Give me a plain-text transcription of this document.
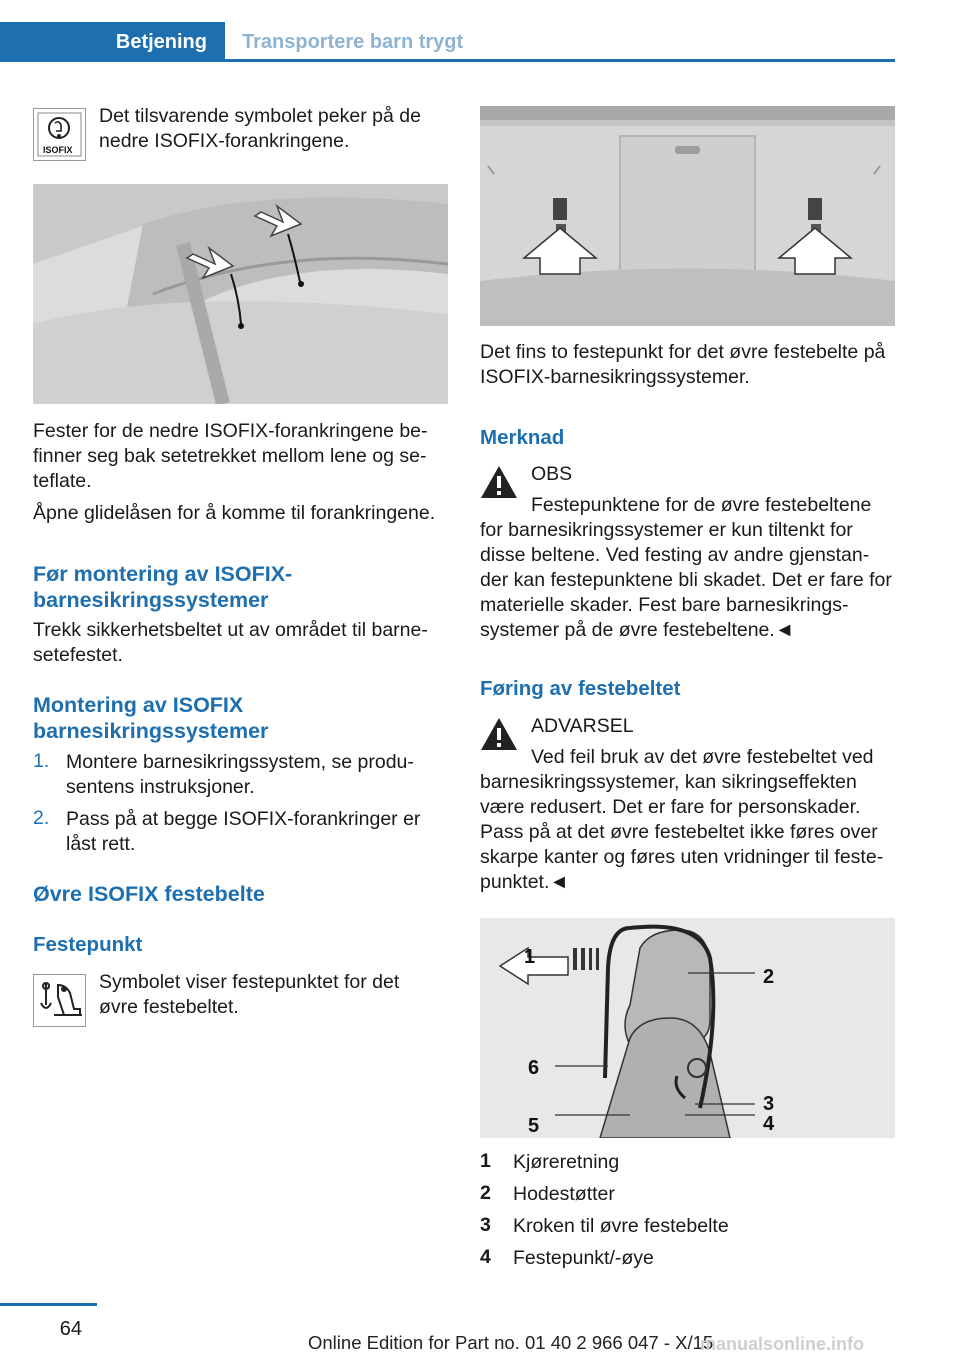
Betjening	Transportere barn trygt
ISOFIX

Det tilsvarende symbolet peker på de nedre ISOFIX-forankringene.

Fester for de nedre ISOFIX-forankringene be-finner seg bak setetrekket mellom lene og se-teflate.

Åpne glidelåsen for å komme til forankringene.

Før montering av ISOFIX-barnesikringssystemer

Trekk sikkerhetsbeltet ut av området til barne-setefestet.

Montering av ISOFIX barnesikringssystemer
1. Montere barnesikringssystem, se produ-sentens instruksjoner.

2. Pass på at begge ISOFIX-forankringer er låst rett.

Øvre ISOFIX festebelte
Festepunkt

Symbolet viser festepunktet for det øvre festebeltet.

Det fins to festepunkt for det øvre festebelte på ISOFIX-barnesikringssystemer.

Merknad

OBS

Festepunktene for de øvre festebeltene for barnesikringssystemer er kun tiltenkt for disse beltene. Ved festing av andre gjenstan-der kan festepunktene bli skadet. Det er fare for materielle skader. Fest bare barnesikrings-systemer på de øvre festebeltene.◄

Føring av festebeltet

ADVARSEL

Ved feil bruk av det øvre festebeltet ved barnesikringssystemer, kan sikringseffekten være redusert. Det er fare for personskader. Pass på at det øvre festebeltet ikke føres over skarpe kanter og føres uten vridninger til feste-punktet.◄

1
2
3
4
5
6
1 Kjøreretning
2 Hodestøtter
3 Kroken til øvre festebelte
4 Festepunkt/-øye
64
Online Edition for Part no. 01 40 2 966 047 - X/15
manualsonline.info
